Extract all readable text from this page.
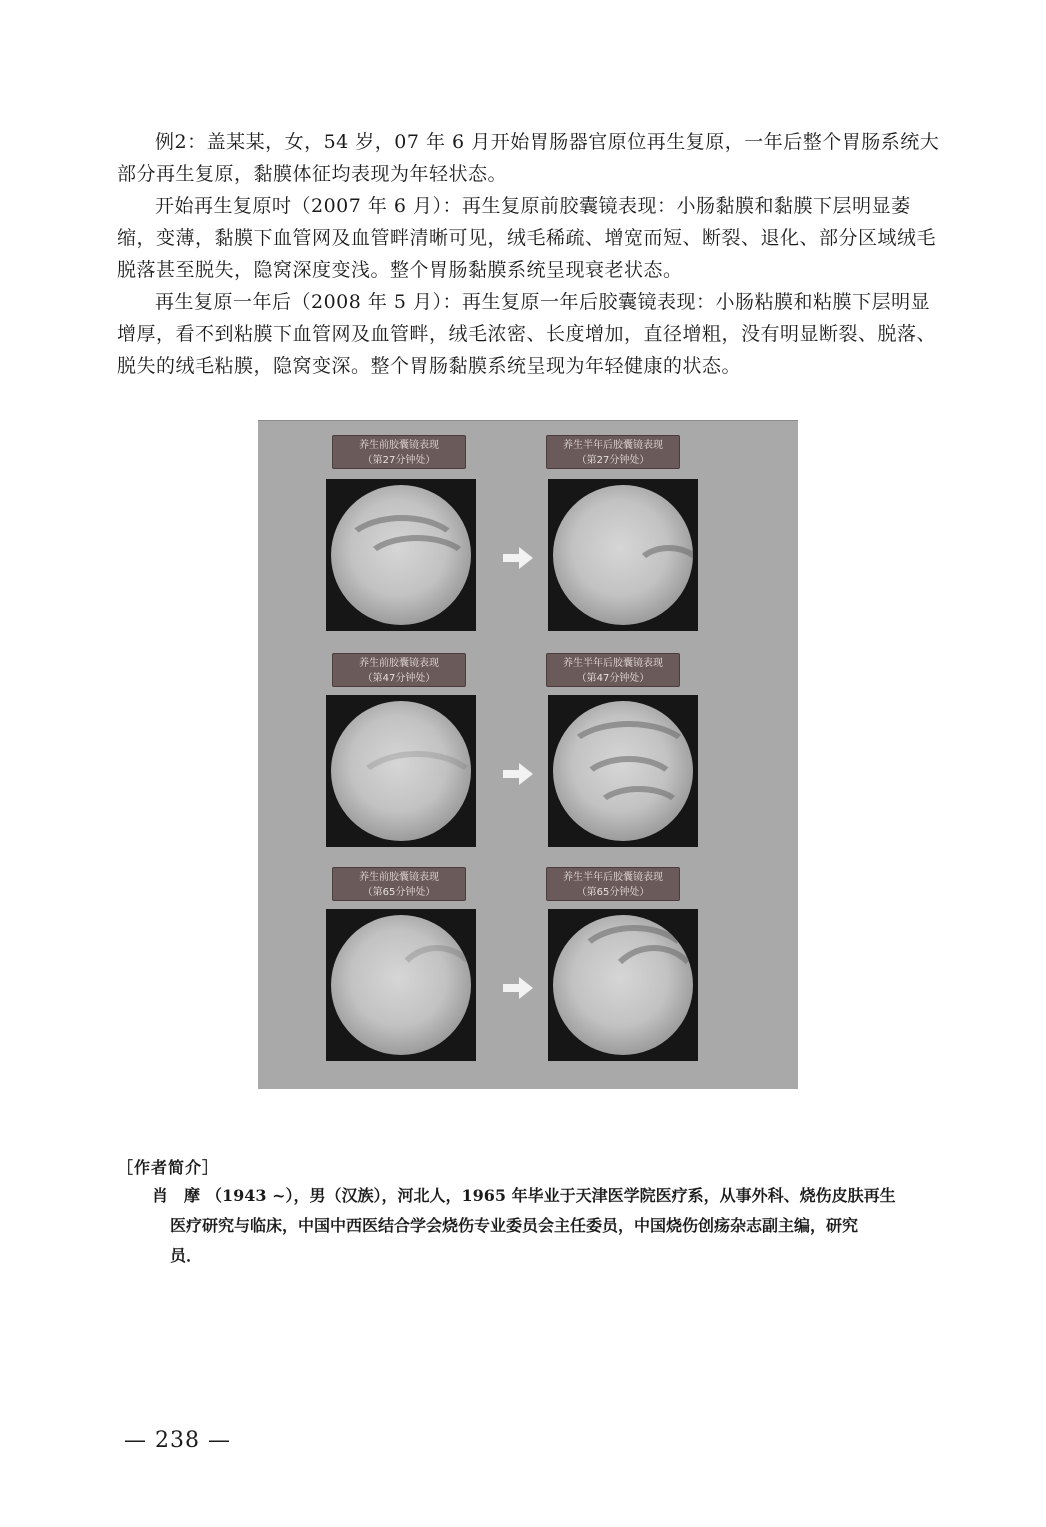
例2：盖某某，女，54 岁，07 年 6 月开始胃肠器官原位再生复原，一年后整个胃肠系统大部分再生复原，黏膜体征均表现为年轻状态。

开始再生复原吋（2007 年 6 月）：再生复原前胶囊镜表现：小肠黏膜和黏膜下层明显萎缩，变薄，黏膜下血管网及血管畔清晰可见，绒毛稀疏、增宽而短、断裂、退化、部分区域绒毛脱落甚至脱失，隐窝深度变浅。整个胃肠黏膜系统呈现衰老状态。

再生复原一年后（2008 年 5 月）：再生复原一年后胶囊镜表现：小肠粘膜和粘膜下层明显增厚，看不到粘膜下血管网及血管畔，绒毛浓密、长度增加，直径增粗，没有明显断裂、脱落、脱失的绒毛粘膜，隐窝变深。整个胃肠黏膜系统呈现为年轻健康的状态。

养生前胶囊镜表现
（第27分钟处）
养生半年后胶囊镜表现
（第27分钟处）
养生前胶囊镜表现
（第47分钟处）
养生半年后胶囊镜表现
（第47分钟处）
养生前胶囊镜表现
（第65分钟处）
养生半年后胶囊镜表现
（第65分钟处）
［作者简介］

肖　摩 （1943 ~），男（汉族），河北人，1965 年毕业于天津医学院医疗系，从事外科、烧伤皮肤再生
医疗研究与临床，中国中西医结合学会烧伤专业委员会主任委员，中国烧伤创疡杂志副主编，研究
员．

— 238 —
